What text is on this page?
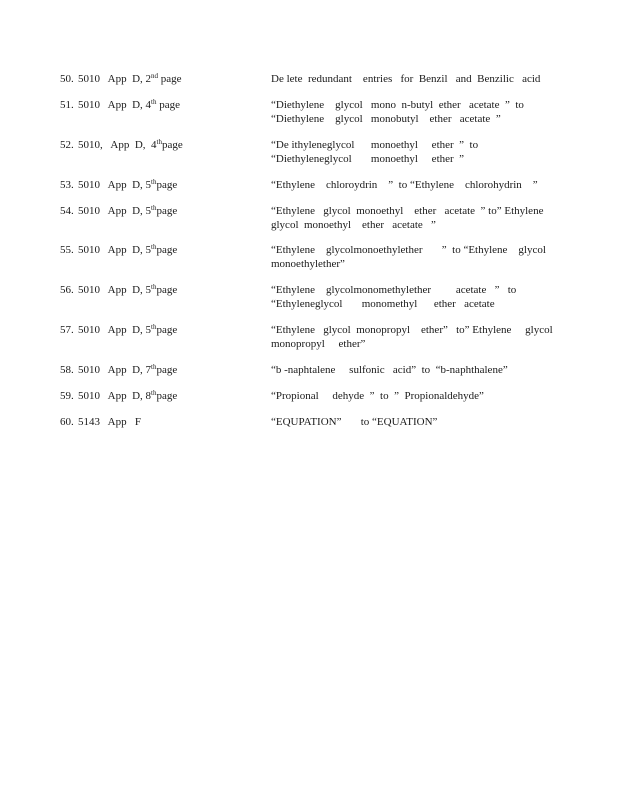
50. 5010   App  D, 2nd page	De lete  redundant    entries   for  Benzil   and  Benzilic   acid
51. 5010   App  D, 4th page	“Diethylene    glycol   mono  n-butyl  ether   acetate  ”  to
“Diethylene    glycol   monobutyl    ether   acetate  ”
52. 5010,   App  D,  4thpage	“De ithyleneglycol      monoethyl     ether  ”  to
“Diethyleneglycol       monoethyl     ether  ”
53. 5010   App  D, 5thpage	“Ethylene    chloroydrin    ”  to “Ethylene    chlorohydrin    ”
54. 5010   App  D, 5thpage	“Ethylene   glycol  monoethyl    ether   acetate  ” to” Ethylene
glycol  monoethyl    ether   acetate   ”
55. 5010   App  D, 5thpage	“Ethylene    glycolmonoethylether       ”  to “Ethylene    glycol
monoethylether”
56. 5010   App  D, 5thpage	“Ethylene    glycolmonomethylether         acetate   ”   to
“Ethyleneglycol       monomethyl      ether   acetate
57. 5010   App  D, 5thpage	“Ethylene   glycol  monopropyl    ether”   to” Ethylene     glycol
monopropyl     ether”
58. 5010   App  D, 7thpage	“b -naphtalene     sulfonic   acid”  to  “b-naphthalene”
59. 5010   App  D, 8thpage	“Propional     dehyde  ”  to  ”  Propionaldehyde”
60. 5143   App   F	“EQUPATION”       to “EQUATION”
